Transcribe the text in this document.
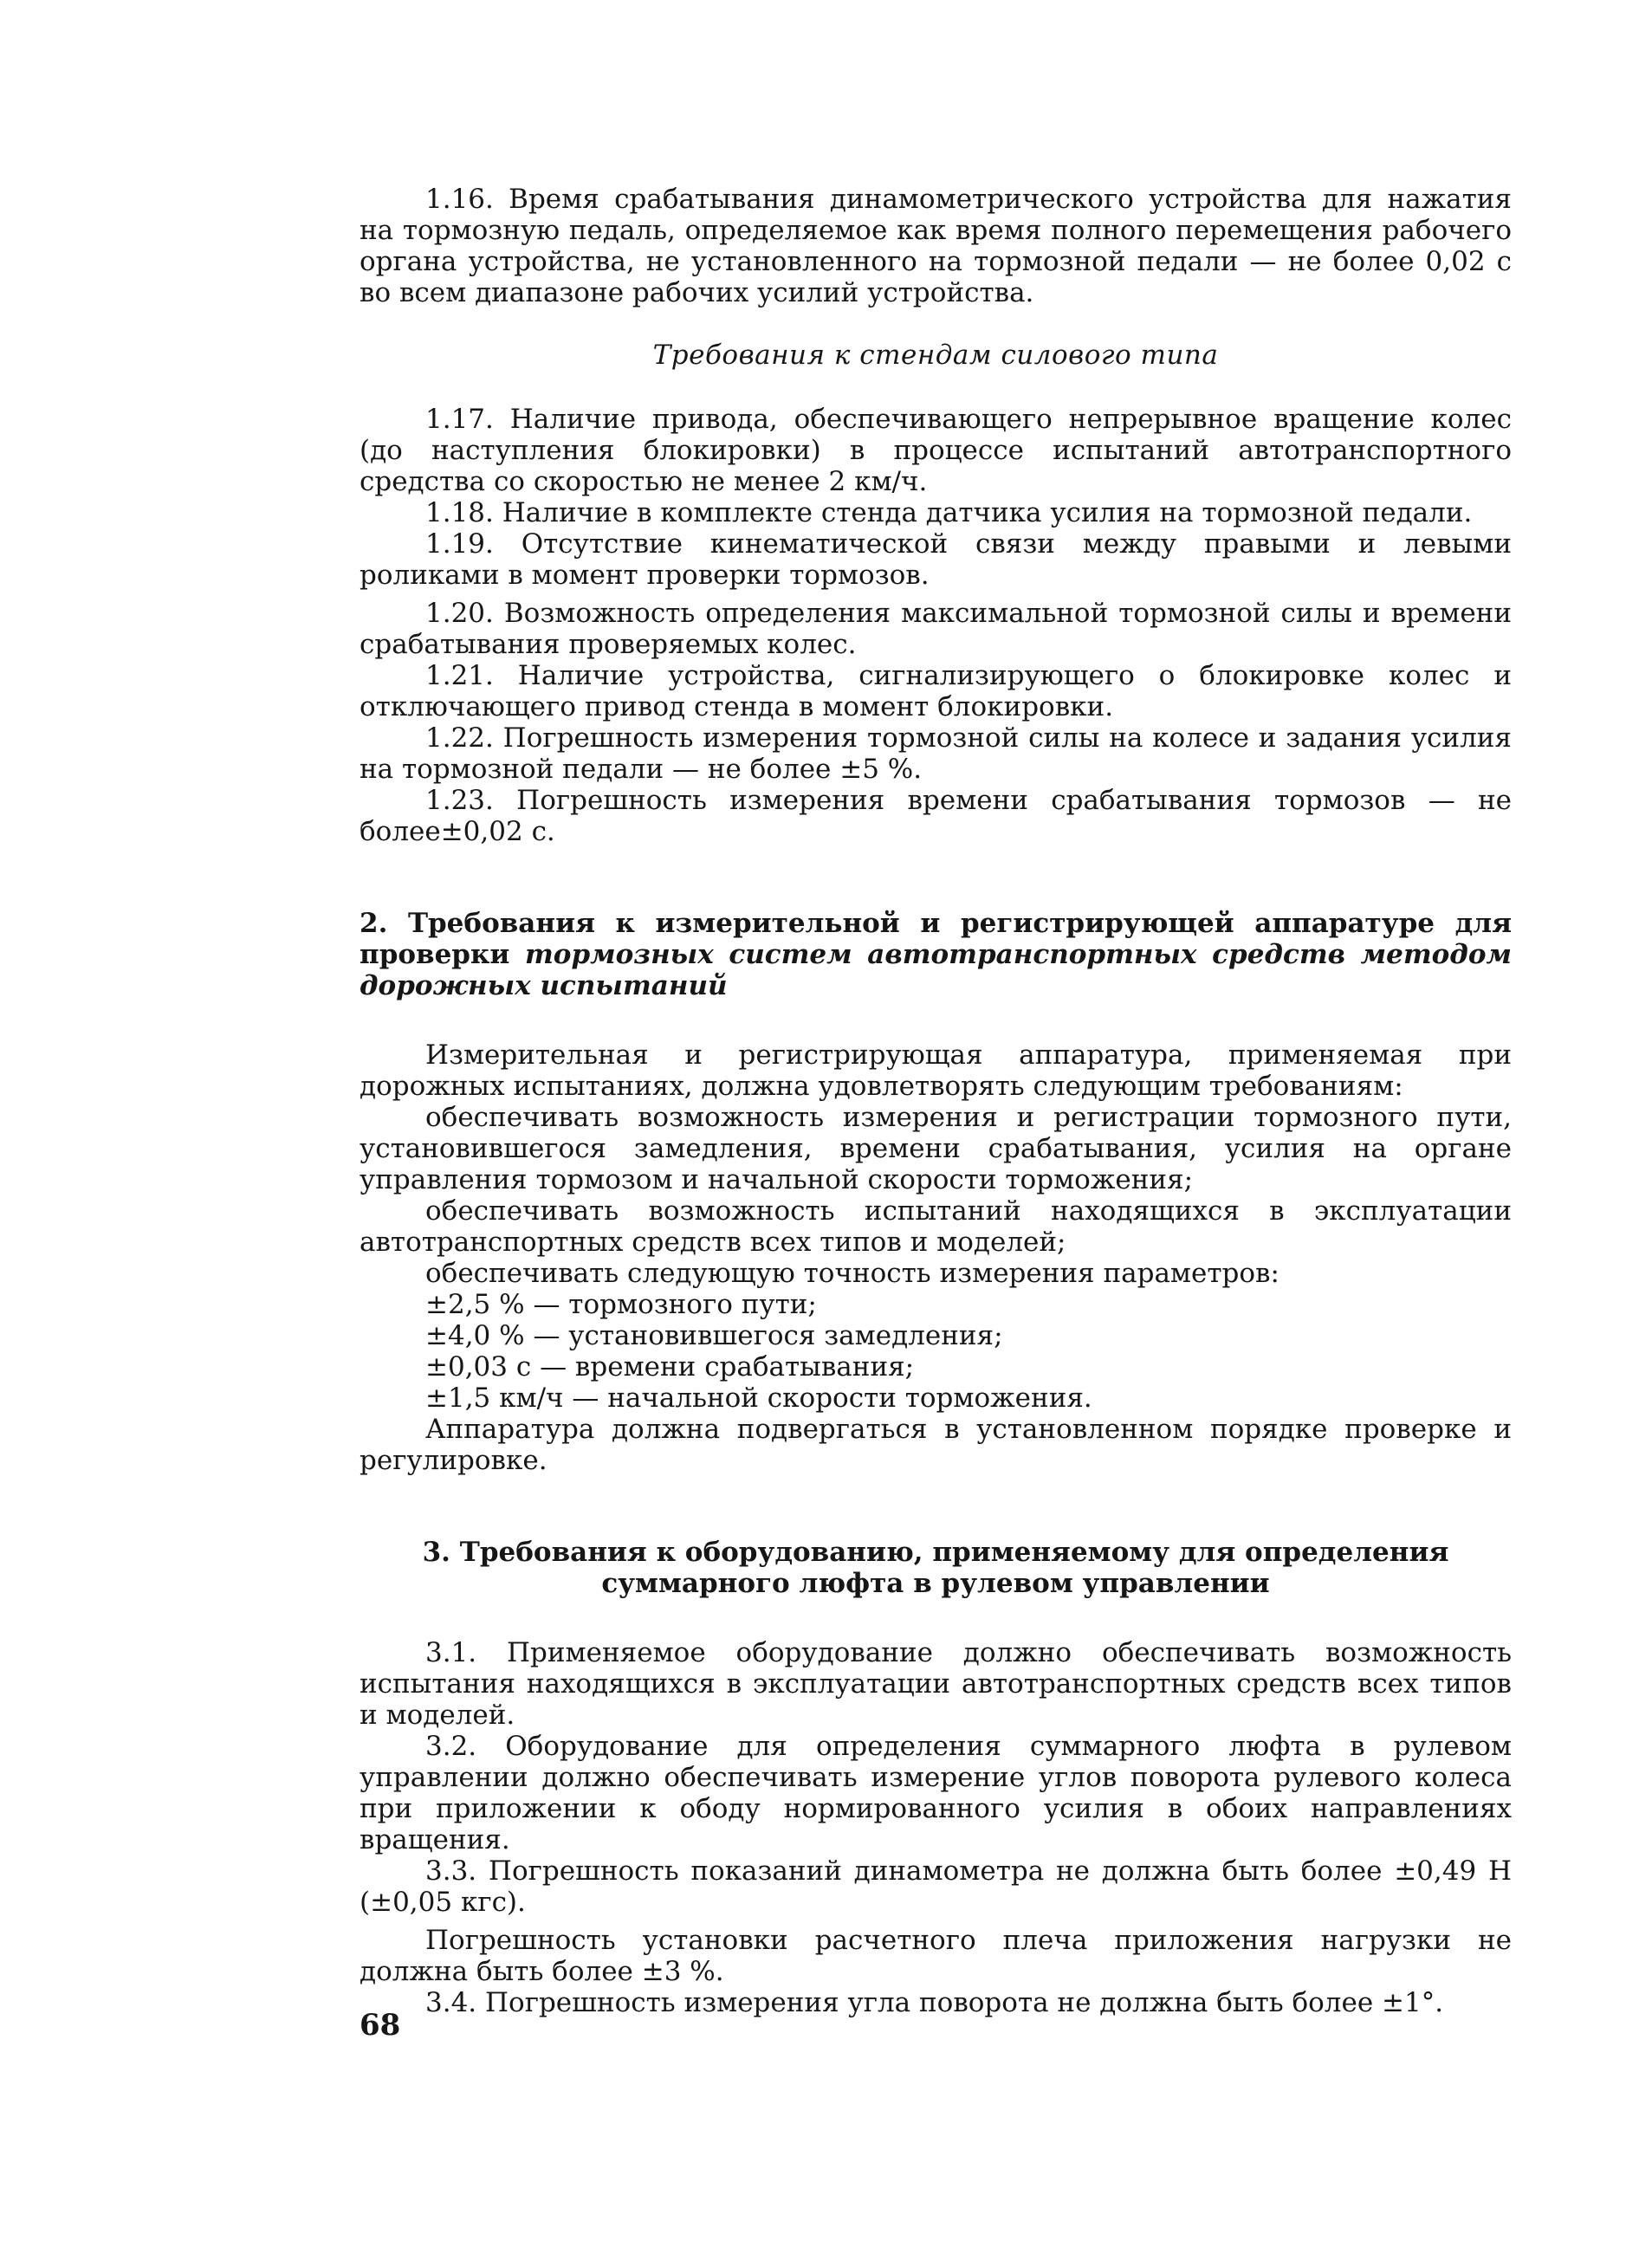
1.16. Время срабатывания динамометрического устройства для нажатия на тормозную педаль, определяемое как время полного перемещения рабочего органа устройства, не установленного на тормозной педали — не более 0,02 с во всем диапазоне рабочих усилий устройства.

Требования к стендам силового типа

1.17. Наличие привода, обеспечивающего непрерывное вращение колес (до наступления блокировки) в процессе испытаний автотранспортного средства со скоростью не менее 2 км/ч.

1.18. Наличие в комплекте стенда датчика усилия на тормозной педали.

1.19. Отсутствие кинематической связи между правыми и левыми роликами в момент проверки тормозов.

1.20. Возможность определения максимальной тормозной силы и времени срабатывания проверяемых колес.

1.21. Наличие устройства, сигнализирующего о блокировке колес и отключающего привод стенда в момент блокировки.

1.22. Погрешность измерения тормозной силы на колесе и задания усилия на тормозной педали — не более ±5 %.

1.23. Погрешность измерения времени срабатывания тормозов — не более±0,02 с.

2. Требования к измерительной и регистрирующей аппаратуре для проверки тормозных систем автотранспортных средств методом дорожных испытаний

Измерительная и регистрирующая аппаратура, применяемая при дорожных испытаниях, должна удовлетворять следующим требованиям:

обеспечивать возможность измерения и регистрации тормозного пути, установившегося замедления, времени срабатывания, усилия на органе управления тормозом и начальной скорости торможения;

обеспечивать возможность испытаний находящихся в эксплуатации автотранспортных средств всех типов и моделей;

обеспечивать следующую точность измерения параметров:

±2,5 % — тормозного пути;

±4,0 % — установившегося замедления;

±0,03 с — времени срабатывания;

±1,5 км/ч — начальной скорости торможения.

Аппаратура должна подвергаться в установленном порядке проверке и регулировке.

3. Требования к оборудованию, применяемому для определения
суммарного люфта в рулевом управлении

3.1. Применяемое оборудование должно обеспечивать возможность испытания находящихся в эксплуатации автотранспортных средств всех типов и моделей.

3.2. Оборудование для определения суммарного люфта в рулевом управлении должно обеспечивать измерение углов поворота рулевого колеса при приложении к ободу нормированного усилия в обоих направлениях вращения.

3.3. Погрешность показаний динамометра не должна быть более ±0,49 Н (±0,05 кгс).

Погрешность установки расчетного плеча приложения нагрузки не должна быть более ±3 %.

3.4. Погрешность измерения угла поворота не должна быть более ±1°.

68
